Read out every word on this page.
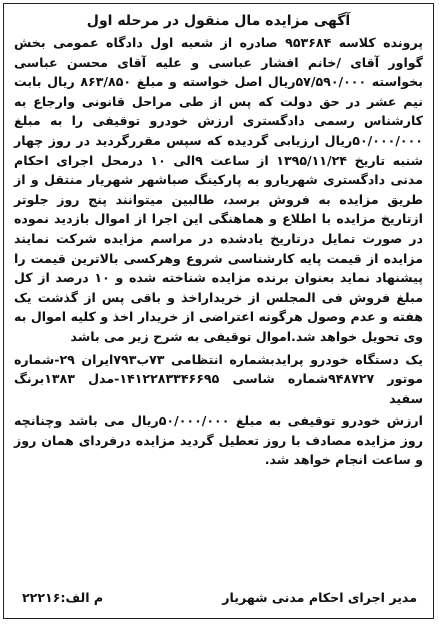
آگهی مزایده مال منقول در مرحله اول

پرونده کلاسه ۹۵۳۶۸۴ صادره از شعبه اول دادگاه عمومی بخش گواور آقای /خانم افشار عباسی و علیه آقای محسن عباسی بخواسته ۵۷/۵۹۰/۰۰۰ریال اصل خواسته و مبلغ ۸۶۳/۸۵۰ ریال بابت نیم عشر در حق دولت که پس از طی مراحل قانونی وارجاع به کارشناس رسمی دادگستری ارزش خودرو توقیفی را به مبلغ ۵۰/۰۰۰/۰۰۰ریال ارزیابی گردیده که سپس مقررگردید در روز چهار شنبه تاریخ ۱۳۹۵/۱۱/۲۴ از ساعت ۹الی ۱۰ درمحل اجرای احکام مدنی دادگستری شهریارو به پارکینگ صباشهر شهریار منتقل و از طریق مزایده به فروش برسد، طالبین میتوانند پنج روز جلوتر ازتاریخ مزایده با اطلاع و هماهنگی این اجرا از اموال بازدید نموده در صورت تمایل درتاریخ یادشده در مراسم مزایده شرکت نمایند مزایده از قیمت پایه کارشناسی شروع وهرکسی بالاترین قیمت را پیشنهاد نماید بعنوان برنده مزایده شناخته شده و ۱۰ درصد از کل مبلغ فروش فی المجلس از خریداراخذ و باقی پس از گذشت یک هفته و عدم وصول هرگونه اعتراضی از خریدار اخذ و کلیه اموال به وی تحویل خواهد شد.اموال توقیفی به شرح زیر می باشد

یک دستگاه خودرو پرایدبشماره انتظامی ۷۳ب۷۹۳ایران ۲۹-شماره موتور ۹۴۸۷۲۷شماره شاسی ۱۴۱۲۲۸۳۳۴۶۶۹۵-مدل ۱۳۸۳برنگ سفید

ارزش خودرو توقیفی به مبلغ ۵۰/۰۰۰/۰۰۰ریال می باشد وچنانچه روز مزایده مصادف با روز تعطیل گردید مزایده درفردای همان روز و ساعت انجام خواهد شد.

مدیر اجرای احکام مدنی شهریار
م الف:۲۲۲۱۶
